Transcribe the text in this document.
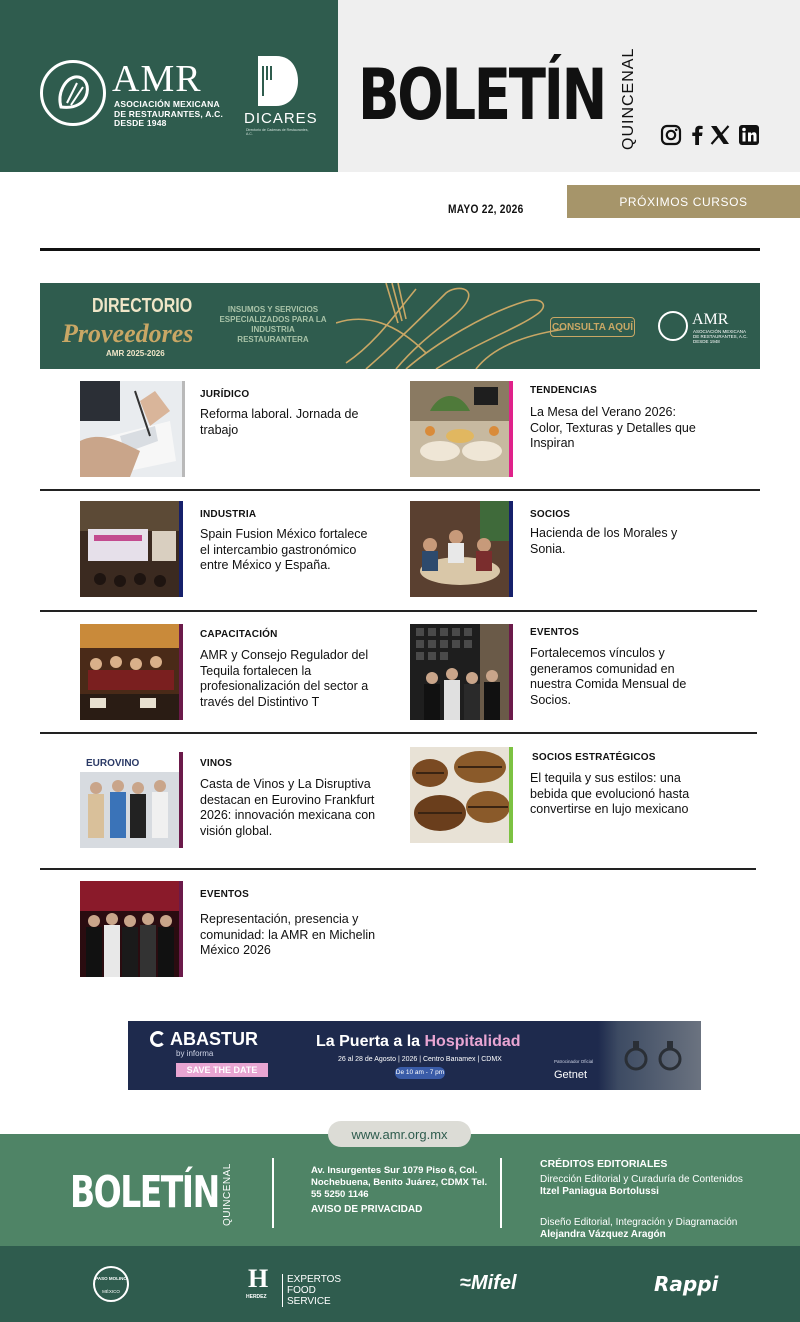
AMR
ASOCIACIÓN MEXICANA DE RESTAURANTES, A.C. DESDE 1948	DICARES
Directorio de Cadenas de Restaurantes, A.C.	BOLETÍN QUINCENAL
MAYO 22, 2026
PRÓXIMOS CURSOS
DIRECTORIO
Proveedores
AMR 2025-2026
INSUMOS Y SERVICIOS ESPECIALIZADOS PARA LA INDUSTRIA RESTAURANTERA
CONSULTA AQUÍ	AMR
ASOCIACIÓN MEXICANA DE RESTAURANTES, A.C. DESDE 1948
JURÍDICO
Reforma laboral. Jornada de trabajo
TENDENCIAS
La Mesa del Verano 2026: Color, Texturas y Detalles que Inspiran
INDUSTRIA
Spain Fusion México fortalece el intercambio gastronómico entre México y España.
SOCIOS
Hacienda de los Morales y Sonia.
CAPACITACIÓN
AMR y Consejo Regulador del Tequila fortalecen la profesionalización del sector a través del Distintivo T
EVENTOS
Fortalecemos vínculos y generamos comunidad en nuestra Comida Mensual de Socios.
EUROVINO	VINOS
Casta de Vinos y La Disruptiva destacan en Eurovino Frankfurt 2026: innovación mexicana con visión global.
SOCIOS ESTRATÉGICOS
El tequila y sus estilos: una bebida que evolucionó hasta convertirse en lujo mexicano
EVENTOS
Representación, presencia y comunidad: la AMR en Michelin México 2026
ABASTUR
by informa
SAVE THE DATE
La Puerta a la Hospitalidad
26 al 28 de Agosto | 2026 | Centro Banamex | CDMX
De 10 am - 7 pm
Patrocinador Oficial
Getnet
www.amr.org.mx
BOLETÍN QUINCENAL	Av. Insurgentes Sur 1079 Piso 6, Col. Nochebuena, Benito Juárez, CDMX Tel. 55 5250 1146
AVISO DE PRIVACIDAD
CRÉDITOS EDITORIALES
Dirección Editorial y Curaduría de Contenidos
Itzel Paniagua Bortolussi
Diseño Editorial, Integración y Diagramación Alejandra Vázquez Aragón
PASO MOLINO
MÉXICO	H
HERDEZ
EXPERTOS FOOD SERVICE
≈Mifel	Rappi
